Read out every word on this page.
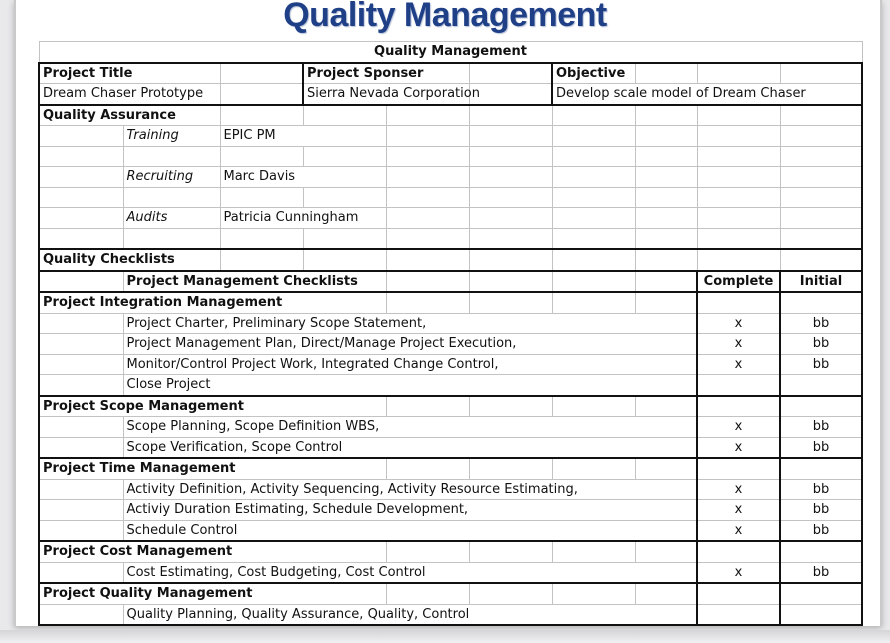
Quality Management
Quality Management									
Project Title			Project Sponser			Objective			
Dream Chaser Prototype			Sierra Nevada Corporation			Develop scale model of Dream Chaser			
Quality Assurance									
	Training	EPIC PM							

	Recruiting	Marc Davis							

	Audits	Patricia Cunningham							

Quality Checklists									
	Project Management Checklists							Complete	Initial
Project Integration Management									
	Project Charter, Preliminary Scope Statement,							x	bb
	Project Management Plan, Direct/Manage Project Execution,							x	bb
	Monitor/Control Project Work, Integrated Change Control,							x	bb
	Close Project								
Project Scope Management									
	Scope Planning, Scope Definition WBS,							x	bb
	Scope Verification, Scope Control							x	bb
Project Time Management									
	Activity Definition, Activity Sequencing, Activity Resource Estimating,							x	bb
	Activiy Duration Estimating, Schedule Development,							x	bb
	Schedule Control							x	bb
Project Cost Management									
	Cost Estimating, Cost Budgeting, Cost Control							x	bb
Project Quality Management									
	Quality Planning, Quality Assurance, Quality, Control								
